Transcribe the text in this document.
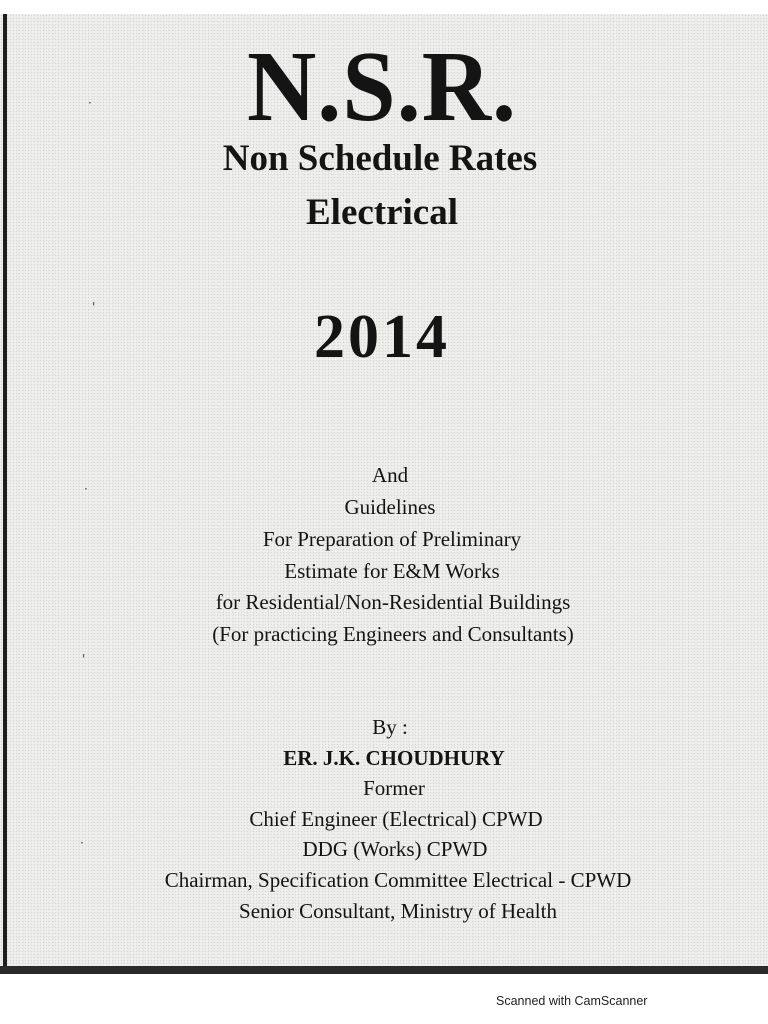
·
'
·
'
·
N.S.R.
Non Schedule Rates
Electrical
2014
And
Guidelines
For Preparation of Preliminary
Estimate for E&M Works
for Residential/Non-Residential Buildings
(For practicing Engineers and Consultants)
By :
ER. J.K. CHOUDHURY
Former
Chief Engineer (Electrical) CPWD
DDG (Works) CPWD
Chairman, Specification Committee Electrical - CPWD
Senior Consultant, Ministry of Health
Scanned with CamScanner
